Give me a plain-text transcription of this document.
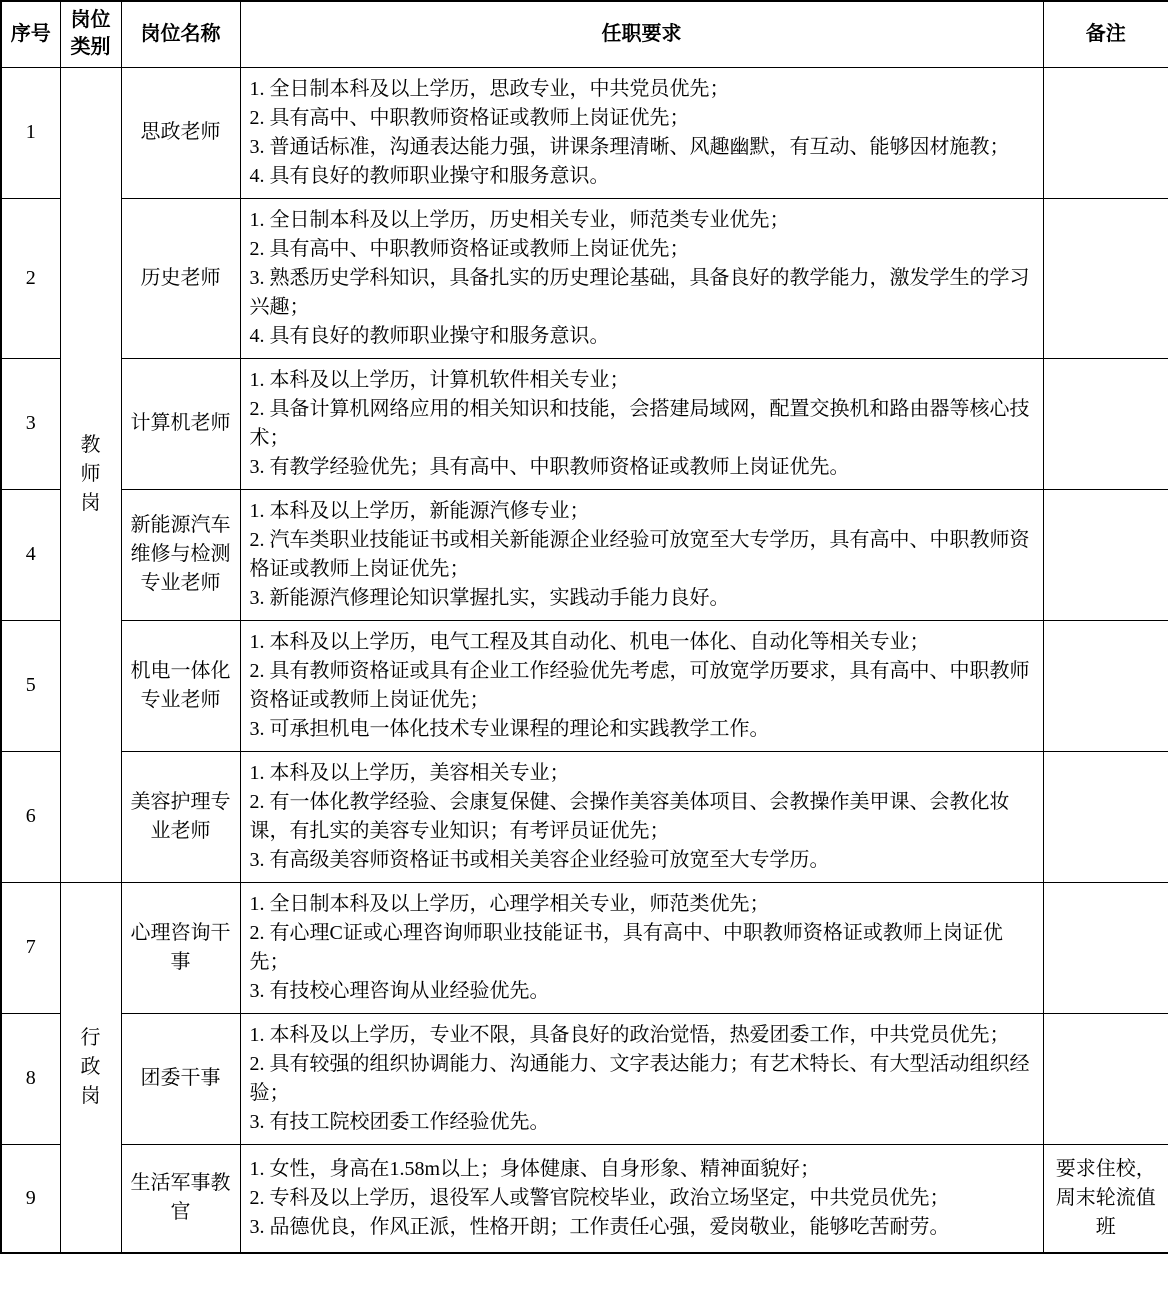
序号	岗位类别	岗位名称	任职要求	备注
1	教师岗	思政老师	1. 全日制本科及以上学历，思政专业，中共党员优先；
2. 具有高中、中职教师资格证或教师上岗证优先；
3. 普通话标准，沟通表达能力强，讲课条理清晰、风趣幽默，有互动、能够因材施教；
4. 具有良好的教师职业操守和服务意识。	

2		历史老师	1. 全日制本科及以上学历，历史相关专业，师范类专业优先；
2. 具有高中、中职教师资格证或教师上岗证优先；
3. 熟悉历史学科知识，具备扎实的历史理论基础，具备良好的教学能力，激发学生的学习兴趣；
4. 具有良好的教师职业操守和服务意识。	

3		计算机老师	1. 本科及以上学历，计算机软件相关专业；
2. 具备计算机网络应用的相关知识和技能，会搭建局域网，配置交换机和路由器等核心技术；
3. 有教学经验优先；具有高中、中职教师资格证或教师上岗证优先。	

4		新能源汽车维修与检测专业老师	1. 本科及以上学历，新能源汽修专业；
2. 汽车类职业技能证书或相关新能源企业经验可放宽至大专学历，具有高中、中职教师资格证或教师上岗证优先；
3. 新能源汽修理论知识掌握扎实，实践动手能力良好。	

5		机电一体化专业老师	1. 本科及以上学历，电气工程及其自动化、机电一体化、自动化等相关专业；
2. 具有教师资格证或具有企业工作经验优先考虑，可放宽学历要求，具有高中、中职教师资格证或教师上岗证优先；
3. 可承担机电一体化技术专业课程的理论和实践教学工作。	

6		美容护理专业老师	1. 本科及以上学历，美容相关专业；
2. 有一体化教学经验、会康复保健、会操作美容美体项目、会教操作美甲课、会教化妆课，有扎实的美容专业知识；有考评员证优先；
3. 有高级美容师资格证书或相关美容企业经验可放宽至大专学历。	

7	行政岗	心理咨询干事	1. 全日制本科及以上学历，心理学相关专业，师范类优先；
2. 有心理C证或心理咨询师职业技能证书，具有高中、中职教师资格证或教师上岗证优先；
3. 有技校心理咨询从业经验优先。	

8		团委干事	1. 本科及以上学历，专业不限，具备良好的政治觉悟，热爱团委工作，中共党员优先；
2. 具有较强的组织协调能力、沟通能力、文字表达能力；有艺术特长、有大型活动组织经验；
3. 有技工院校团委工作经验优先。	

9		生活军事教官	1. 女性，身高在1.58m以上；身体健康、自身形象、精神面貌好；
2. 专科及以上学历，退役军人或警官院校毕业，政治立场坚定，中共党员优先；
3. 品德优良，作风正派，性格开朗；工作责任心强，爱岗敬业，能够吃苦耐劳。	要求住校，周末轮流值班
